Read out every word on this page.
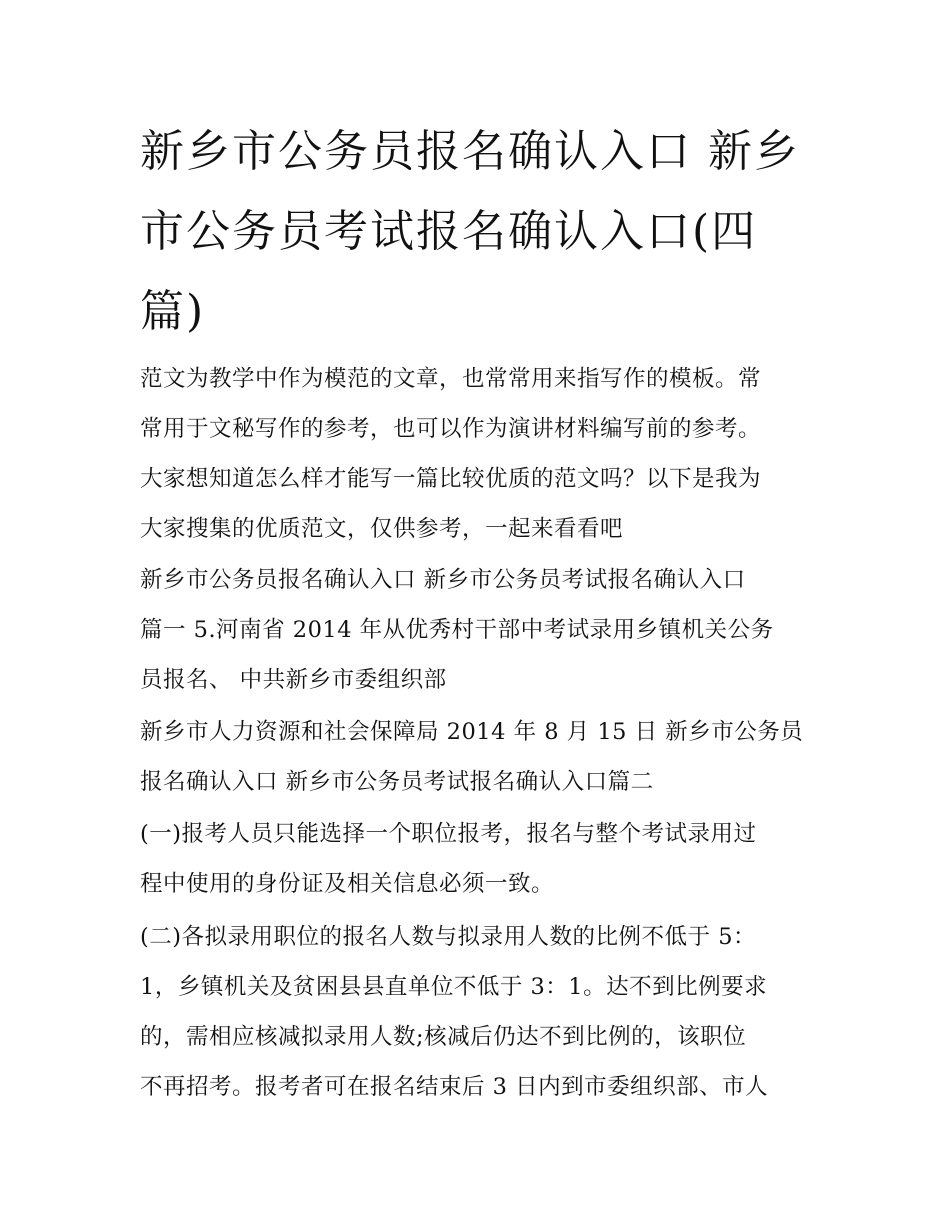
新乡市公务员报名确认入口 新乡市公务员考试报名确认入口(四篇)

范文为教学中作为模范的文章，也常常用来指写作的模板。常

常用于文秘写作的参考，也可以作为演讲材料编写前的参考。

大家想知道怎么样才能写一篇比较优质的范文吗？以下是我为

大家搜集的优质范文，仅供参考，一起来看看吧

新乡市公务员报名确认入口 新乡市公务员考试报名确认入口

篇一 5.河南省 2014 年从优秀村干部中考试录用乡镇机关公务

员报名、 中共新乡市委组织部

新乡市人力资源和社会保障局 2014 年 8 月 15 日 新乡市公务员

报名确认入口 新乡市公务员考试报名确认入口篇二

(一)报考人员只能选择一个职位报考，报名与整个考试录用过

程中使用的身份证及相关信息必须一致。

(二)各拟录用职位的报名人数与拟录用人数的比例不低于 5：

1，乡镇机关及贫困县县直单位不低于 3：1。达不到比例要求

的，需相应核减拟录用人数;核减后仍达不到比例的，该职位

不再招考。报考者可在报名结束后 3 日内到市委组织部、市人
